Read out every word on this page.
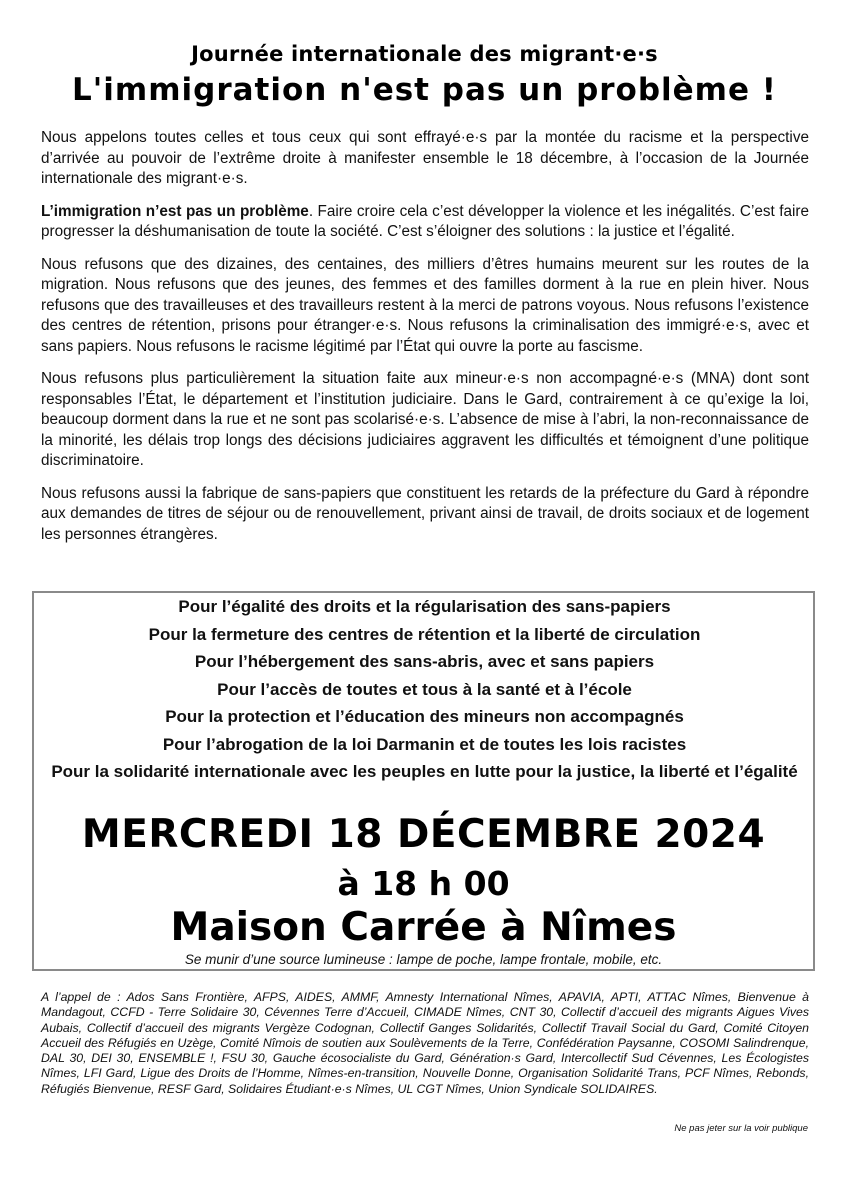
Journée internationale des migrant·e·s
L'immigration n'est pas un problème !

Nous appelons toutes celles et tous ceux qui sont effrayé·e·s par la montée du racisme et la perspective d’arrivée au pouvoir de l’extrême droite à manifester ensemble le 18 décembre, à l’occasion de la Journée internationale des migrant·e·s.

L’immigration n’est pas un problème. Faire croire cela c’est développer la violence et les inégalités. C’est faire progresser la déshumanisation de toute la société. C’est s’éloigner des solutions : la justice et l’égalité.

Nous refusons que des dizaines, des centaines, des milliers d’êtres humains meurent sur les routes de la migration. Nous refusons que des jeunes, des femmes et des familles dorment à la rue en plein hiver. Nous refusons que des travailleuses et des travailleurs restent à la merci de patrons voyous. Nous refusons l’existence des centres de rétention, prisons pour étranger·e·s. Nous refusons la criminalisation des immigré·e·s, avec et sans papiers. Nous refusons le racisme légitimé par l’État qui ouvre la porte au fascisme.

Nous refusons plus particulièrement la situation faite aux mineur·e·s non accompagné·e·s (MNA) dont sont responsables l’État, le département et l’institution judiciaire. Dans le Gard, contrairement à ce qu’exige la loi, beaucoup dorment dans la rue et ne sont pas scolarisé·e·s. L’absence de mise à l’abri, la non-reconnaissance de la minorité, les délais trop longs des décisions judiciaires aggravent les difficultés et témoignent d’une politique discriminatoire.

Nous refusons aussi la fabrique de sans-papiers que constituent les retards de la préfecture du Gard à répondre aux demandes de titres de séjour ou de renouvellement, privant ainsi de travail, de droits sociaux et de logement les personnes étrangères.

Pour l’égalité des droits et la régularisation des sans-papiers

Pour la fermeture des centres de rétention et la liberté de circulation

Pour l’hébergement des sans-abris, avec et sans papiers

Pour l’accès de toutes et tous à la santé et à l’école

Pour la protection et l’éducation des mineurs non accompagnés

Pour l’abrogation de la loi Darmanin et de toutes les lois racistes

Pour la solidarité internationale avec les peuples en lutte pour la justice, la liberté et l’égalité

MERCREDI 18 DÉCEMBRE 2024
à 18 h 00
Maison Carrée à Nîmes
Se munir d’une source lumineuse : lampe de poche, lampe frontale, mobile, etc.

A l’appel de : Ados Sans Frontière, AFPS, AIDES, AMMF, Amnesty International Nîmes, APAVIA, APTI, ATTAC Nîmes, Bienvenue à Mandagout, CCFD - Terre Solidaire 30, Cévennes Terre d’Accueil, CIMADE Nîmes, CNT 30, Collectif d’accueil des migrants Aigues Vives Aubais, Collectif d’accueil des migrants Vergèze Codognan, Collectif Ganges Solidarités, Collectif Travail Social du Gard, Comité Citoyen Accueil des Réfugiés en Uzège, Comité Nîmois de soutien aux Soulèvements de la Terre, Confédération Paysanne, COSOMI Salindrenque, DAL 30, DEI 30, ENSEMBLE !, FSU 30, Gauche écosocialiste du Gard, Génération·s Gard, Intercollectif Sud Cévennes, Les Écologistes Nîmes, LFI Gard, Ligue des Droits de l’Homme, Nîmes-en-transition, Nouvelle Donne, Organisation Solidarité Trans, PCF Nîmes, Rebonds, Réfugiés Bienvenue, RESF Gard, Solidaires Étudiant·e·s Nîmes, UL CGT Nîmes, Union Syndicale SOLIDAIRES.

Ne pas jeter sur la voir publique
